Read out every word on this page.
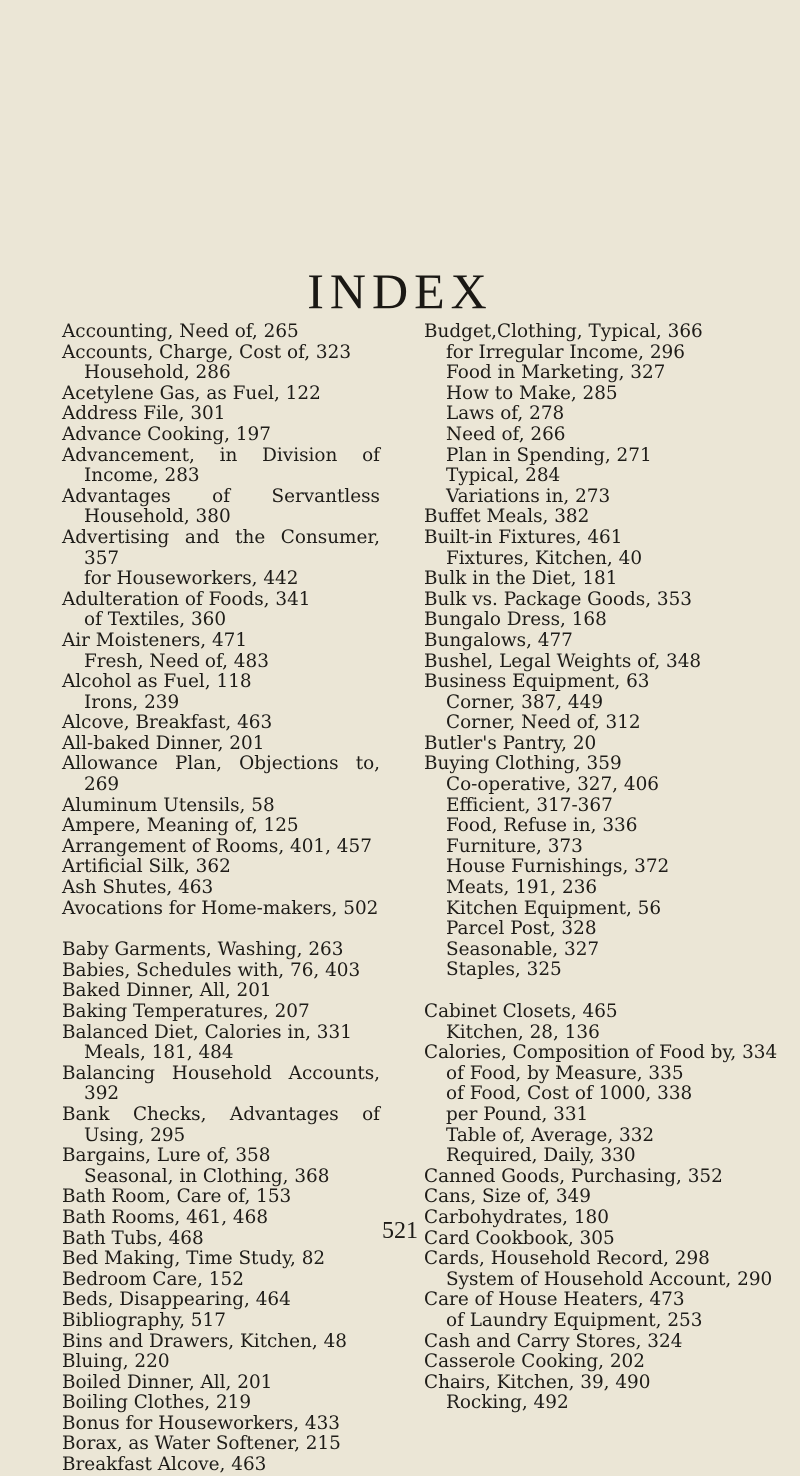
INDEX
Accounting, Need of, 265
Accounts, Charge, Cost of, 323
Household, 286
Acetylene Gas, as Fuel, 122
Address File, 301
Advance Cooking, 197
Advancement, in Division of Income, 283
Advantages of Servantless Household, 380
Advertising and the Consumer, 357
for Houseworkers, 442
Adulteration of Foods, 341
of Textiles, 360
Air Moisteners, 471
Fresh, Need of, 483
Alcohol as Fuel, 118
Irons, 239
Alcove, Breakfast, 463
All-baked Dinner, 201
Allowance Plan, Objections to, 269
Aluminum Utensils, 58
Ampere, Meaning of, 125
Arrangement of Rooms, 401, 457
Artificial Silk, 362
Ash Shutes, 463
Avocations for Home-makers, 502
Baby Garments, Washing, 263
Babies, Schedules with, 76, 403
Baked Dinner, All, 201
Baking Temperatures, 207
Balanced Diet, Calories in, 331
Meals, 181, 484
Balancing Household Accounts, 392
Bank Checks, Advantages of Using, 295
Bargains, Lure of, 358
Seasonal, in Clothing, 368
Bath Room, Care of, 153
Bath Rooms, 461, 468
Bath Tubs, 468
Bed Making, Time Study, 82
Bedroom Care, 152
Beds, Disappearing, 464
Bibliography, 517
Bins and Drawers, Kitchen, 48
Bluing, 220
Boiled Dinner, All, 201
Boiling Clothes, 219
Bonus for Houseworkers, 433
Borax, as Water Softener, 215
Breakfast Alcove, 463
Budget,Clothing, Typical, 366
for Irregular Income, 296
Food in Marketing, 327
How to Make, 285
Laws of, 278
Need of, 266
Plan in Spending, 271
Typical, 284
Variations in, 273
Buffet Meals, 382
Built-in Fixtures, 461
Fixtures, Kitchen, 40
Bulk in the Diet, 181
Bulk vs. Package Goods, 353
Bungalo Dress, 168
Bungalows, 477
Bushel, Legal Weights of, 348
Business Equipment, 63
Corner, 387, 449
Corner, Need of, 312
Butler's Pantry, 20
Buying Clothing, 359
Co-operative, 327, 406
Efficient, 317-367
Food, Refuse in, 336
Furniture, 373
House Furnishings, 372
Meats, 191, 236
Kitchen Equipment, 56
Parcel Post, 328
Seasonable, 327
Staples, 325
Cabinet Closets, 465
Kitchen, 28, 136
Calories, Composition of Food by, 334
of Food, by Measure, 335
of Food, Cost of 1000, 338
per Pound, 331
Table of, Average, 332
Required, Daily, 330
Canned Goods, Purchasing, 352
Cans, Size of, 349
Carbohydrates, 180
Card Cookbook, 305
Cards, Household Record, 298
System of Household Account, 290
Care of House Heaters, 473
of Laundry Equipment, 253
Cash and Carry Stores, 324
Casserole Cooking, 202
Chairs, Kitchen, 39, 490
Rocking, 492
521
